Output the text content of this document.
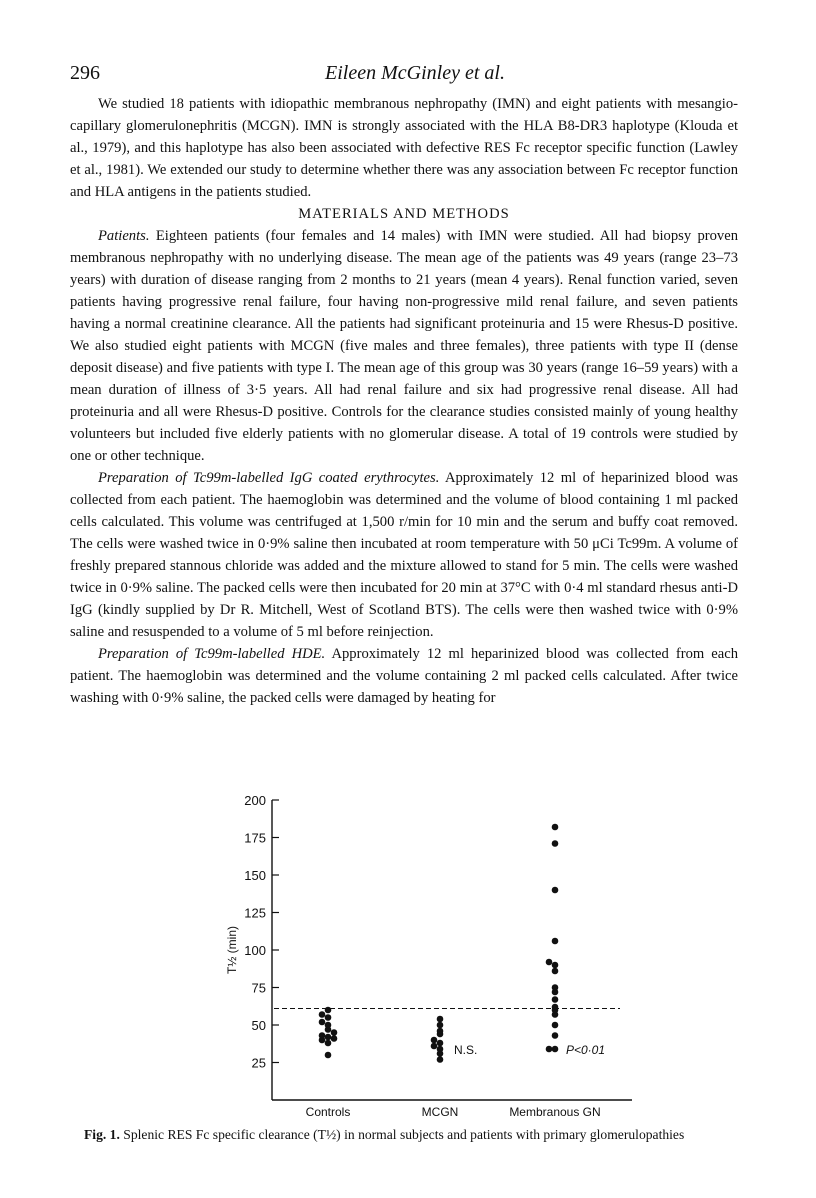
296	Eileen McGinley et al.

We studied 18 patients with idiopathic membranous nephropathy (IMN) and eight patients with mesangio-capillary glomerulonephritis (MCGN). IMN is strongly associated with the HLA B8-DR3 haplotype (Klouda et al., 1979), and this haplotype has also been associated with defective RES Fc receptor specific function (Lawley et al., 1981). We extended our study to determine whether there was any association between Fc receptor function and HLA antigens in the patients studied.

MATERIALS AND METHODS

Patients. Eighteen patients (four females and 14 males) with IMN were studied. All had biopsy proven membranous nephropathy with no underlying disease. The mean age of the patients was 49 years (range 23–73 years) with duration of disease ranging from 2 months to 21 years (mean 4 years). Renal function varied, seven patients having progressive renal failure, four having non-progressive mild renal failure, and seven patients having a normal creatinine clearance. All the patients had significant proteinuria and 15 were Rhesus-D positive. We also studied eight patients with MCGN (five males and three females), three patients with type II (dense deposit disease) and five patients with type I. The mean age of this group was 30 years (range 16–59 years) with a mean duration of illness of 3·5 years. All had renal failure and six had progressive renal disease. All had proteinuria and all were Rhesus-D positive. Controls for the clearance studies consisted mainly of young healthy volunteers but included five elderly patients with no glomerular disease. A total of 19 controls were studied by one or other technique.

Preparation of Tc99m-labelled IgG coated erythrocytes. Approximately 12 ml of heparinized blood was collected from each patient. The haemoglobin was determined and the volume of blood containing 1 ml packed cells calculated. This volume was centrifuged at 1,500 r/min for 10 min and the serum and buffy coat removed. The cells were washed twice in 0·9% saline then incubated at room temperature with 50 μCi Tc99m. A volume of freshly prepared stannous chloride was added and the mixture allowed to stand for 5 min. The cells were washed twice in 0·9% saline. The packed cells were then incubated for 20 min at 37°C with 0·4 ml standard rhesus anti-D IgG (kindly supplied by Dr R. Mitchell, West of Scotland BTS). The cells were then washed twice with 0·9% saline and resuspended to a volume of 5 ml before reinjection.

Preparation of Tc99m-labelled HDE. Approximately 12 ml heparinized blood was collected from each patient. The haemoglobin was determined and the volume containing 2 ml packed cells calculated. After twice washing with 0·9% saline, the packed cells were damaged by heating for

T½ (min)
25
50
75
100
125
150
175
200
Controls	MCGN	Membranous GN
N.S.	P<0·01
Fig. 1. Splenic RES Fc specific clearance (T½) in normal subjects and patients with primary glomerulopathies
